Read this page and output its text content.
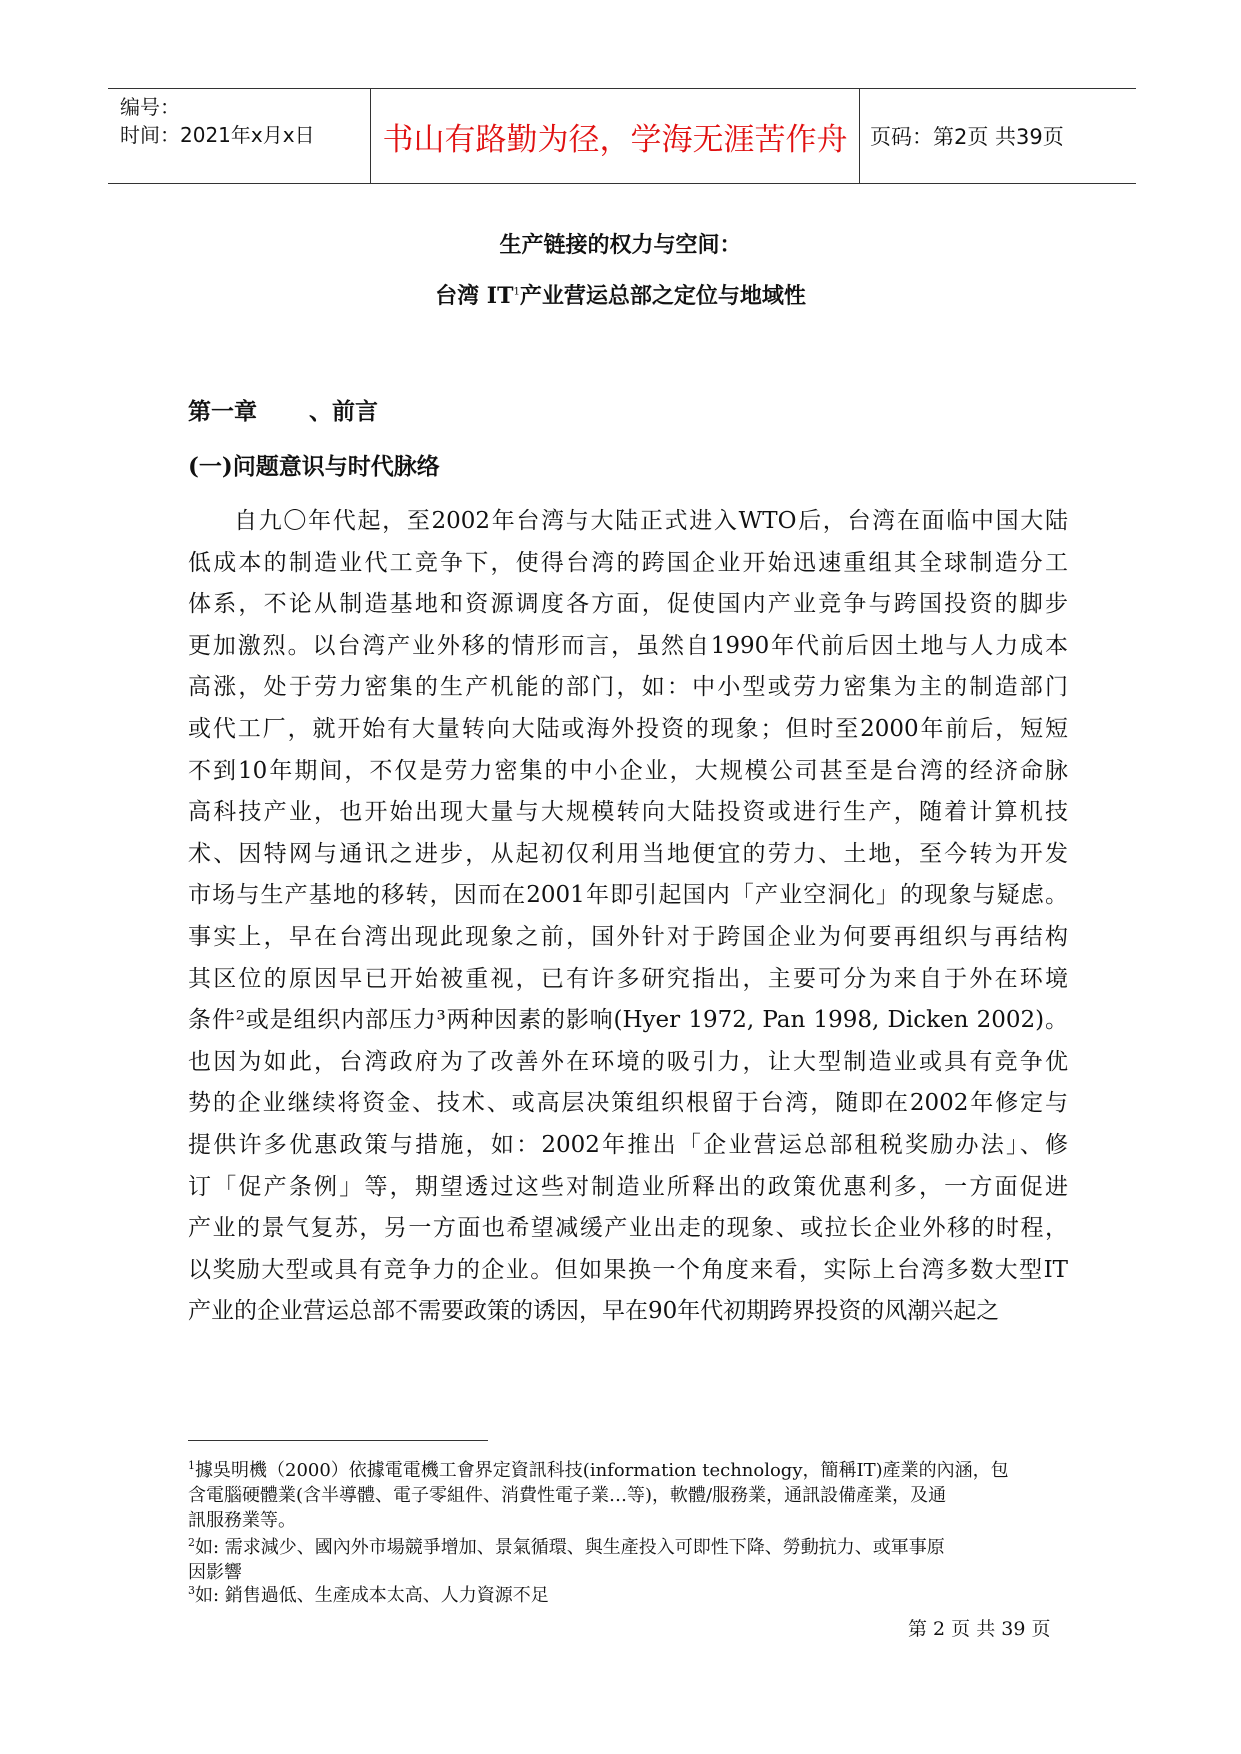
编号：
时间：2021年x月x日	书山有路勤为径，学海无涯苦作舟	页码：第2页 共39页
生产链接的权力与空间：
台湾 $IT^1$产业营运总部之定位与地域性
第一章 、前言
(一)问题意识与时代脉络
自九〇年代起，至2002年台湾与大陆正式进入WTO后，台湾在面临中国大陆
低成本的制造业代工竞争下，使得台湾的跨国企业开始迅速重组其全球制造分工
体系，不论从制造基地和资源调度各方面，促使国内产业竞争与跨国投资的脚步
更加激烈。以台湾产业外移的情形而言，虽然自1990年代前后因土地与人力成本
高涨，处于劳力密集的生产机能的部门，如：中小型或劳力密集为主的制造部门
或代工厂，就开始有大量转向大陆或海外投资的现象；但时至2000年前后，短短
不到10年期间，不仅是劳力密集的中小企业，大规模公司甚至是台湾的经济命脉
高科技产业，也开始出现大量与大规模转向大陆投资或进行生产，随着计算机技
术、因特网与通讯之进步，从起初仅利用当地便宜的劳力、土地，至今转为开发
市场与生产基地的移转，因而在2001年即引起国内「产业空洞化」的现象与疑虑。
事实上，早在台湾出现此现象之前，国外针对于跨国企业为何要再组织与再结构
其区位的原因早已开始被重视，已有许多研究指出，主要可分为来自于外在环境
条件²或是组织内部压力³两种因素的影响(Hyer 1972, Pan 1998, Dicken 2002)。
也因为如此，台湾政府为了改善外在环境的吸引力，让大型制造业或具有竞争优
势的企业继续将资金、技术、或高层决策组织根留于台湾，随即在2002年修定与
提供许多优惠政策与措施，如：2002年推出「企业营运总部租税奖励办法」、修
订「促产条例」等，期望透过这些对制造业所释出的政策优惠利多，一方面促进
产业的景气复苏，另一方面也希望减缓产业出走的现象、或拉长企业外移的时程，
以奖励大型或具有竞争力的企业。但如果换一个角度来看，实际上台湾多数大型IT
产业的企业营运总部不需要政策的诱因，早在90年代初期跨界投资的风潮兴起之
$^1$據吳明機（2000）依據電電機工會界定資訊科技(information technology，簡稱IT)產業的內涵，包
含電腦硬體業(含半導體、電子零組件、消費性電子業…等)，軟體/服務業，通訊設備產業，及通
訊服務業等。
$^2$如: 需求減少、國內外市場競爭增加、景氣循環、與生產投入可即性下降、勞動抗力、或軍事原
因影響
$^3$如: 銷售過低、生產成本太高、人力資源不足
第 2 页 共 39 页
